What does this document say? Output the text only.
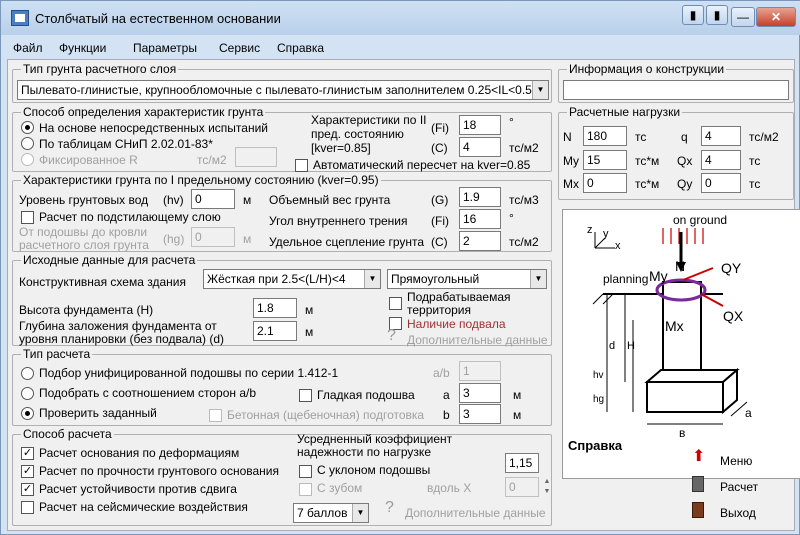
Столбчатый на естественном основании	▮	▮	—	✕
Файл Функции Параметры Сервис Справка
Тип грунта расчетного слоя
Пылевато-глинистые, крупнообломочные с пылевато-глинистым заполнителем 0.25<IL<0.5 ▼
Информация о конструкции
Способ определения характеристик грунта
На основе непосредственных испытаний
По таблицам СНиП 2.02.01-83*
Фиксированное R	тс/м2
Характеристики по II
пред. состоянию (Fi)	18	°
[kver=0.85]	(C)	4	тс/м2
Автоматический пересчет на kver=0.85
Расчетные нагрузки
N	180	тс	q	4	тс/м2
My 15	тс*м Qx	4	тс
Mx 0	тс*м Qy	0	тс
Характеристики грунта по I предельному состоянию (kver=0.95)
Уровень грунтовых вод (hv) 0	м
Расчет по подстилающему слою
От подошвы до кровли
расчетного слоя грунта (hg) 0	м
Объемный вес грунта	(G)	1.9	тс/м3
Угол внутреннего трения (Fi)	16	°
Удельное сцепление грунта (C)	2	тс/м2
Исходные данные для расчета
Конструктивная схема здания	Жёсткая при 2.5<(L/H)<4	▼	Прямоугольный	▼
Подрабатываемая
территория
Наличие подвала
? Дополнительные данные
Высота фундамента (H)	1.8	м
Глубина заложения фундамента от
уровня планировки (без подвала) (d)
2.1	м
Тип расчета
Подбор унифицированной подошвы по серии 1.412-1	a/b	1
Подобрать с соотношением сторон a/b	Гладкая подошва a	3	м
Проверить заданный	Бетонная (щебеночная) подготовка b	3	м
Способ расчета
✓ Расчет основания по деформациям
✓ Расчет по прочности грунтового основания
✓ Расчет устойчивости против сдвига
Расчет на сейсмические воздействия
Усредненный коэффициент
надежности по нагрузке
1,15
С уклоном подошвы
С зубом	вдоль X	0	▲
▼
7 баллов	▼ ? Дополнительные данные
on ground
planning My
N	QY
Mx
QX
H
d
hv
hg
в
a
z y
x
Справка
⬆ Меню
Расчет
Выход
